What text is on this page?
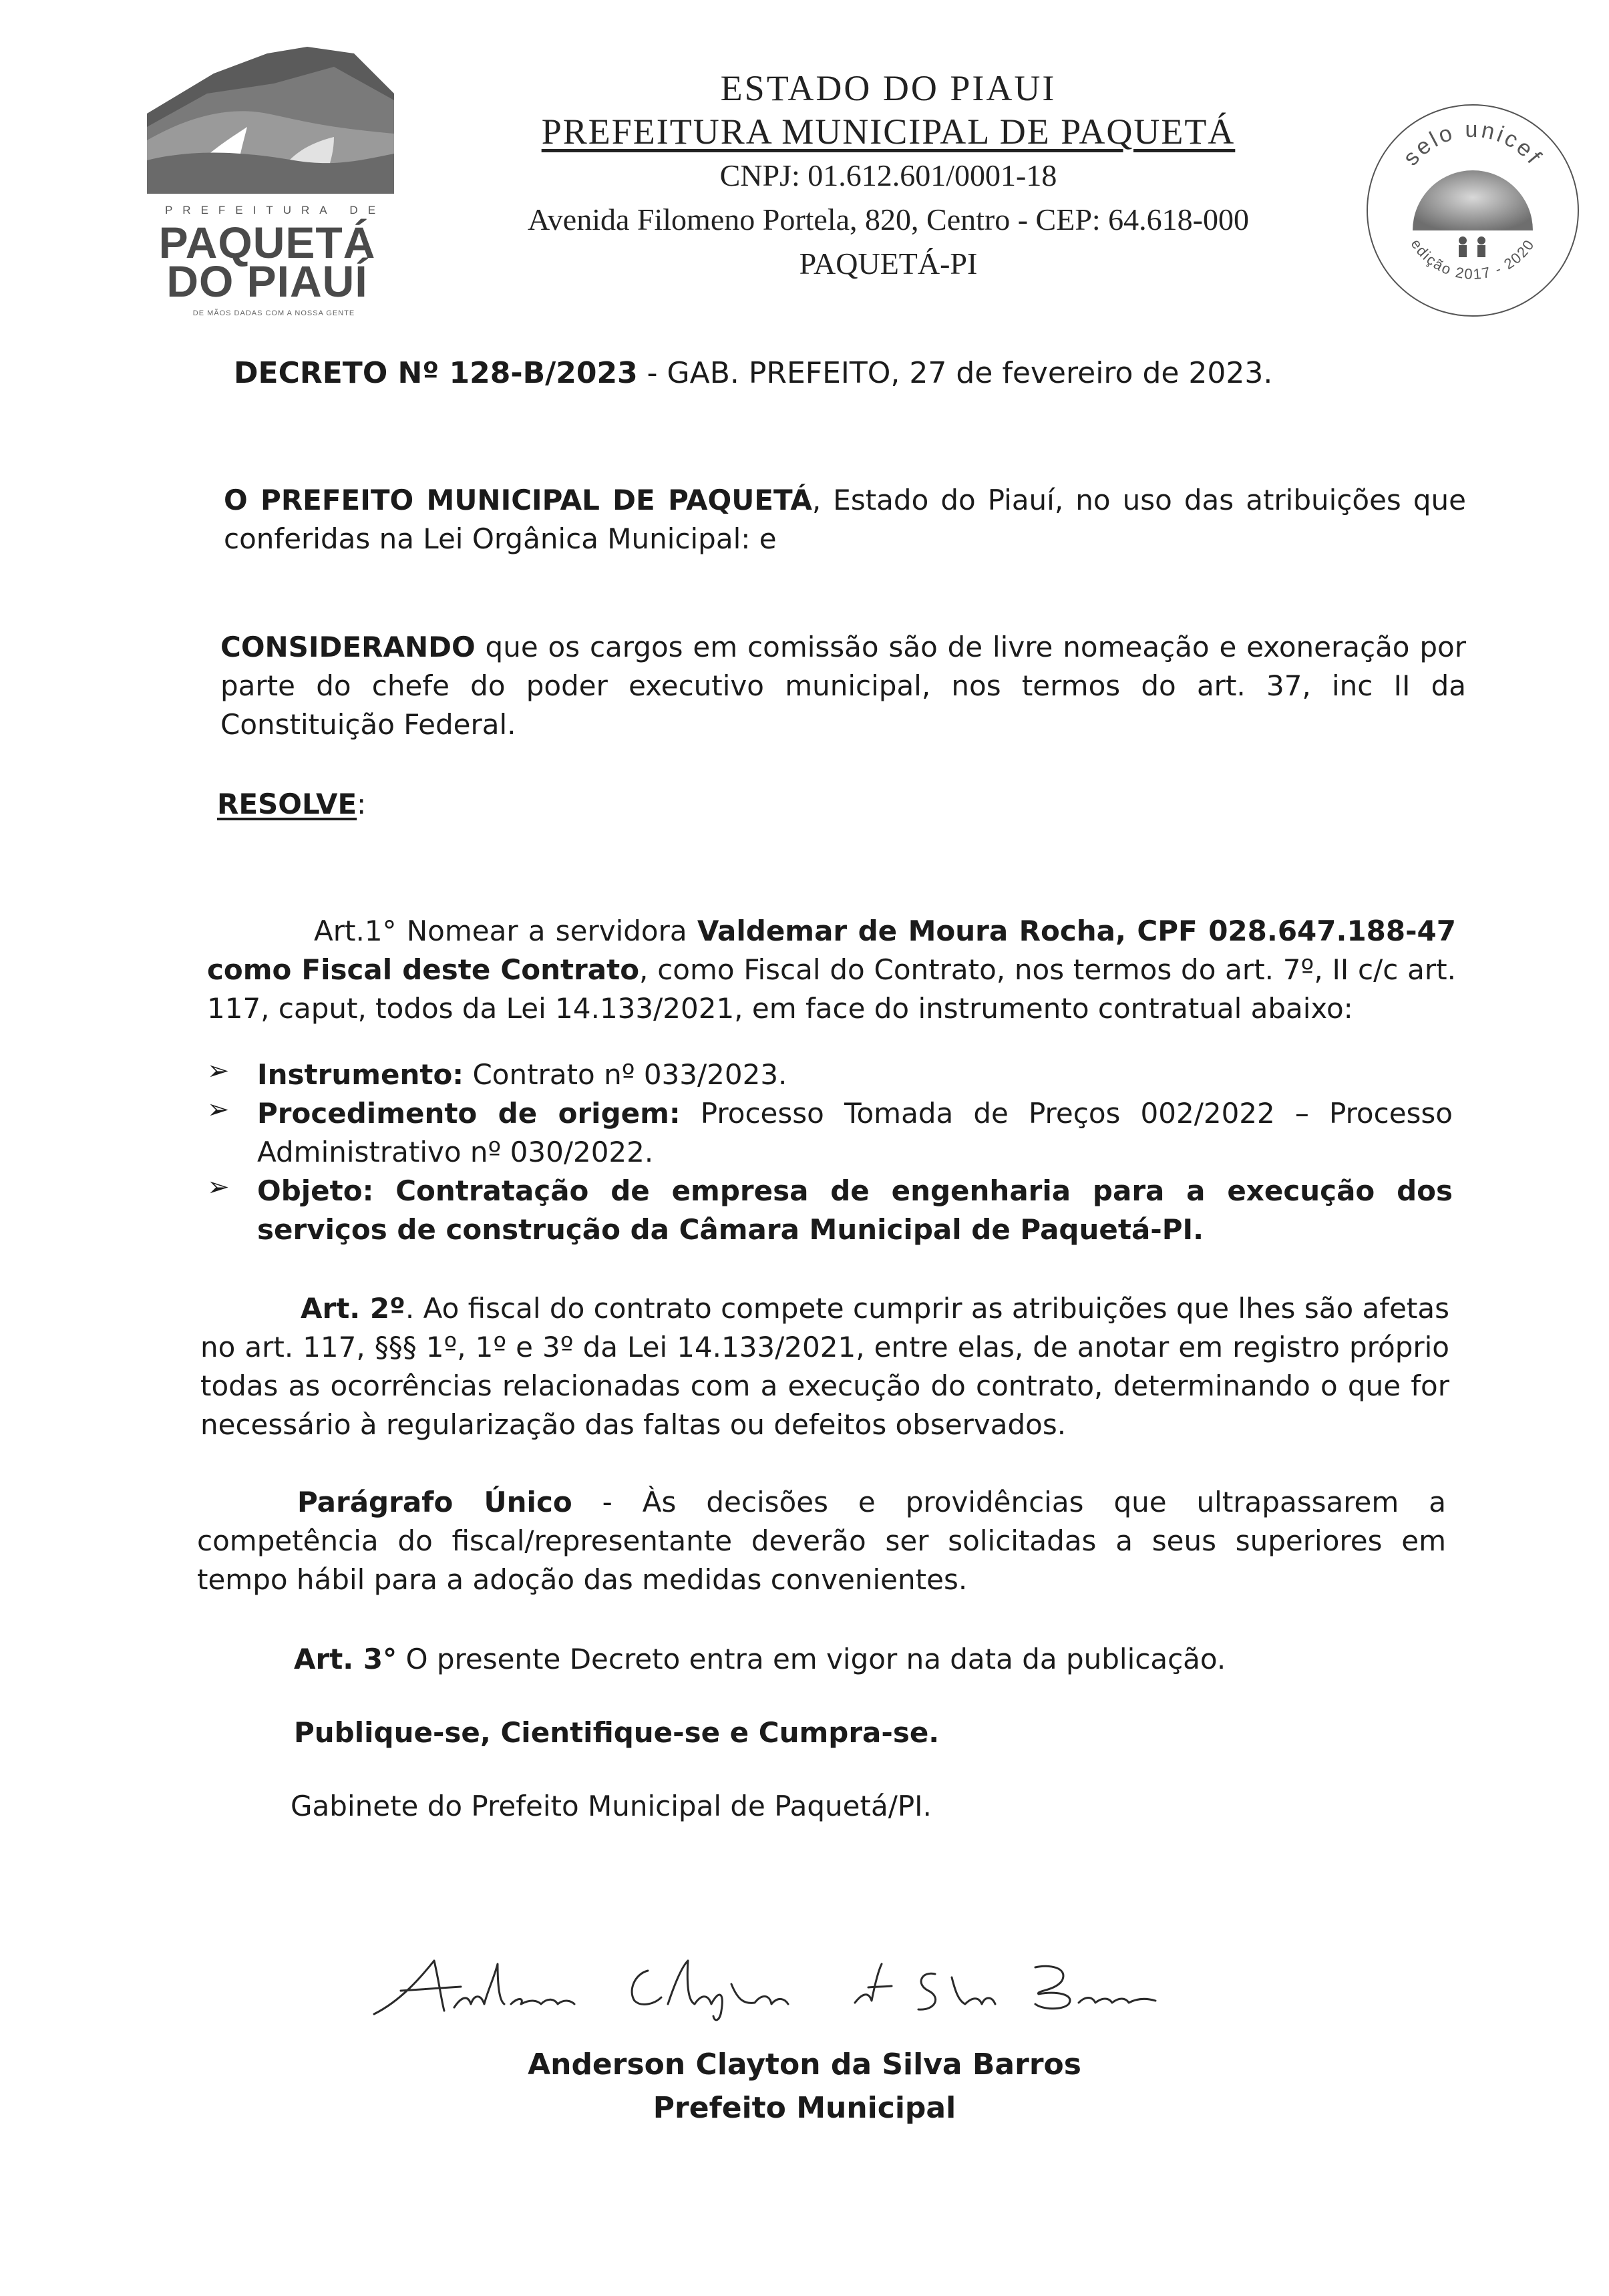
PREFEITURA DE
PAQUETÁ
DO PIAUÍ
DE MÃOS DADAS COM A NOSSA GENTE
ESTADO DO PIAUI
PREFEITURA MUNICIPAL DE PAQUETÁ
CNPJ: 01.612.601/0001-18
Avenida Filomeno Portela, 820, Centro - CEP: 64.618-000
PAQUETÁ-PI
selo unicef
edição 2017 - 2020
DECRETO Nº 128-B/2023 - GAB. PREFEITO, 27 de fevereiro de 2023.
O PREFEITO MUNICIPAL DE PAQUETÁ, Estado do Piauí, no uso das atribuições que conferidas na Lei Orgânica Municipal: e
CONSIDERANDO que os cargos em comissão são de livre nomeação e exoneração por parte do chefe do poder executivo municipal, nos termos do art. 37, inc II da Constituição Federal.
RESOLVE:
Art.1° Nomear a servidora Valdemar de Moura Rocha, CPF 028.647.188-47 como Fiscal deste Contrato, como Fiscal do Contrato, nos termos do art. 7º, II c/c art. 117, caput, todos da Lei 14.133/2021, em face do instrumento contratual abaixo:
➢ Instrumento: Contrato nº 033/2023.
➢ Procedimento de origem: Processo Tomada de Preços 002/2022 – Processo Administrativo nº 030/2022.
➢ Objeto: Contratação de empresa de engenharia para a execução dos serviços de construção da Câmara Municipal de Paquetá-PI.
Art. 2º. Ao fiscal do contrato compete cumprir as atribuições que lhes são afetas no art. 117, §§§ 1º, 1º e 3º da Lei 14.133/2021, entre elas, de anotar em registro próprio todas as ocorrências relacionadas com a execução do contrato, determinando o que for necessário à regularização das faltas ou defeitos observados.
Parágrafo Único - Às decisões e providências que ultrapassarem a competência do fiscal/representante deverão ser solicitadas a seus superiores em tempo hábil para a adoção das medidas convenientes.
Art. 3° O presente Decreto entra em vigor na data da publicação.
Publique-se, Cientifique-se e Cumpra-se.
Gabinete do Prefeito Municipal de Paquetá/PI.
Anderson Clayton da Silva Barros
Prefeito Municipal
